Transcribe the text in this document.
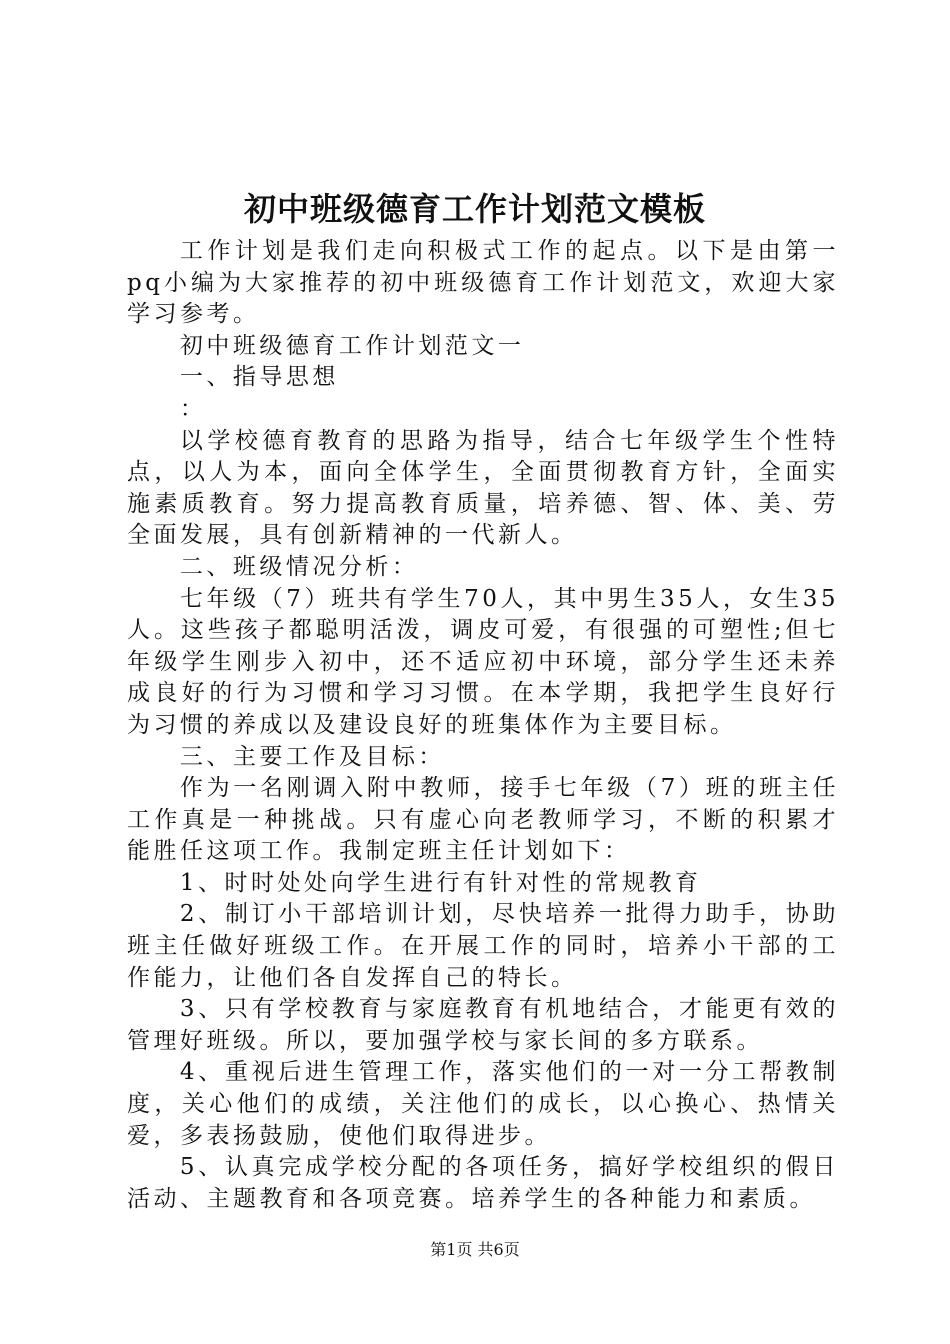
初中班级德育工作计划范文模板

工作计划是我们走向积极式工作的起点。以下是由第一pq小编为大家推荐的初中班级德育工作计划范文，欢迎大家学习参考。

初中班级德育工作计划范文一

一、指导思想

：

以学校德育教育的思路为指导，结合七年级学生个性特点，以人为本，面向全体学生，全面贯彻教育方针，全面实施素质教育。努力提高教育质量，培养德、智、体、美、劳全面发展，具有创新精神的一代新人。

二、班级情况分析：

七年级（7）班共有学生70人，其中男生35人，女生35人。这些孩子都聪明活泼，调皮可爱，有很强的可塑性;但七年级学生刚步入初中，还不适应初中环境，部分学生还未养成良好的行为习惯和学习习惯。在本学期，我把学生良好行为习惯的养成以及建设良好的班集体作为主要目标。

三、主要工作及目标：

作为一名刚调入附中教师，接手七年级（7）班的班主任工作真是一种挑战。只有虚心向老教师学习，不断的积累才能胜任这项工作。我制定班主任计划如下：

1、时时处处向学生进行有针对性的常规教育

2、制订小干部培训计划，尽快培养一批得力助手，协助班主任做好班级工作。在开展工作的同时，培养小干部的工作能力，让他们各自发挥自己的特长。

3、只有学校教育与家庭教育有机地结合，才能更有效的管理好班级。所以，要加强学校与家长间的多方联系。

4、重视后进生管理工作，落实他们的一对一分工帮教制度，关心他们的成绩，关注他们的成长，以心换心、热情关爱，多表扬鼓励，使他们取得进步。

5、认真完成学校分配的各项任务，搞好学校组织的假日活动、主题教育和各项竞赛。培养学生的各种能力和素质。

第1页 共6页
